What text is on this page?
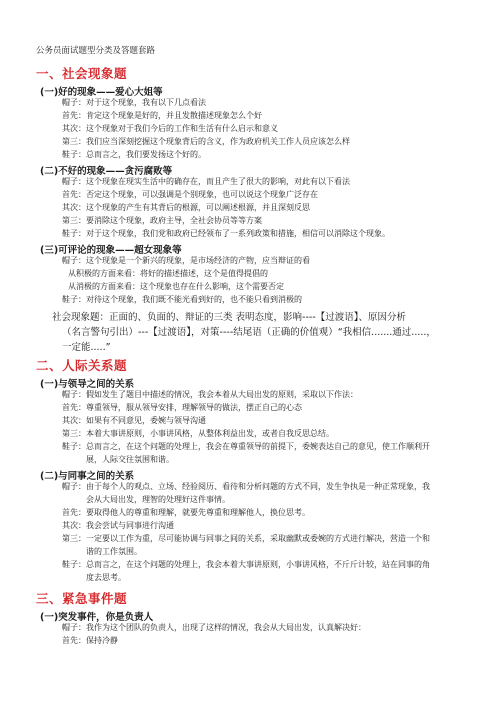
公务员面试题型分类及答题套路
一、社会现象题
(一)好的现象——爱心大姐等
帽子：对于这个现象，我有以下几点看法
首先：肯定这个现象是好的，并且发散描述现象怎么个好
其次：这个现象对于我们今后的工作和生活有什么启示和意义
第三：我们应当深刻挖掘这个现象背后的含义，作为政府机关工作人员应该怎么样
鞋子：总而言之，我们要发扬这个好的。
(二)不好的现象——贪污腐败等
帽子：这个现象在现实生活中的确存在，而且产生了很大的影响，对此有以下看法
首先：否定这个现象，可以强调是个别现象，也可以说这个现象广泛存在
其次：这个现象的产生有其背后的根源，可以阐述根源，并且深刻反思
第三：要消除这个现象，政府主导，全社会协员等等方案
鞋子：对于这个现象，我们党和政府已经领布了一系列政策和措施，相信可以消除这个现象。
(三)可评论的现象——超女现象等
帽子：这个现象是一个新兴的现象，是市场经济的产物，应当辩证的看
从积极的方面来看：将好的描述描述，这个是值得提倡的
从消极的方面来看：这个现象也存在什么影响，这个需要否定
鞋子：对待这个现象，我们既不能光看到好的，也不能只看到消极的
社会现象题：正面的、负面的、辩证的三类 表明态度，影响----【过渡语】、原因分析
（名言警句引出）---【过渡语】，对策----结尾语（正确的价值观）“我相信.......通过.....，
一定能.....”
二、人际关系题
(一)与领导之间的关系
帽子：假如发生了题目中描述的情况，我会本着从大局出发的原则，采取以下作法：
首先：尊重领导，服从领导安排，理解领导的做法，摆正自己的心态
其次：如果有不同意见，委婉与领导沟通
第三：本着大事讲原则，小事讲风格，从整体利益出发，或者自我反思总结。
鞋子：总而言之，在这个问题的处理上，我会在尊重领导的前提下，委婉表达自己的意见，使工作顺利开
展，人际交往氛围和谐。
(二)与同事之间的关系
帽子：由于每个人的观点、立场、经验阅历、看待和分析问题的方式不同，发生争执是一种正常现象，我
会从大局出发，理智的处理好这件事情。
首先：要取得他人的尊重和理解，就要先尊重和理解他人，换位思考。
其次：我会尝试与同事进行沟通
第三：一定要以工作为重，尽可能协调与同事之间的关系，采取幽默或委婉的方式进行解决，营造一个和
谐的工作氛围。
鞋子：总而言之，在这个问题的处理上，我会本着大事讲原则，小事讲风格，不斤斤计较，站在同事的角
度去思考。
三、紧急事件题
(一)突发事件，你是负责人
帽子：我作为这个团队的负责人，出现了这样的情况，我会从大局出发，认真解决好：
首先：保持冷静
